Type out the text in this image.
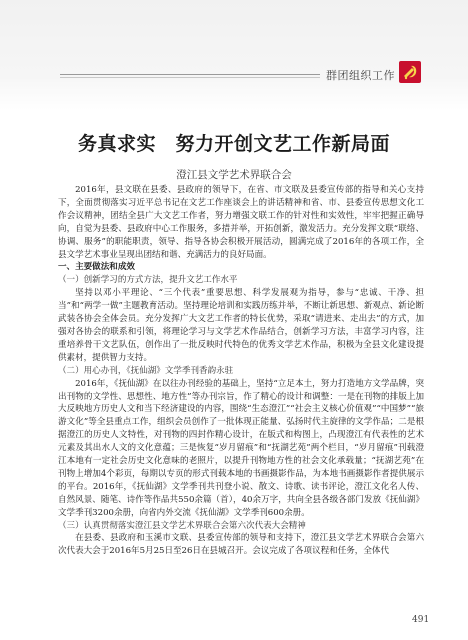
群团组织工作
务真求实　努力开创文艺工作新局面
澄江县文学艺术界联合会

2016年，县文联在县委、县政府的领导下，在省、市文联及县委宣传部的指导和关心支持下，全面贯彻落实习近平总书记在文艺工作座谈会上的讲话精神和省、市、县委宣传思想文化工作会议精神，团结全县广大文艺工作者，努力增强文联工作的针对性和实效性，牢牢把握正确导向，自觉为县委、县政府中心工作服务，多措并举，开拓创新，激发活力。充分发挥文联“联络、协调、服务”的职能职责，领导、指导各协会积极开展活动，圆满完成了2016年的各项工作，全县文学艺术事业呈现出团结和谐、充满活力的良好局面。

一、主要做法和成效

（一）创新学习的方式方法，提升文艺工作水平

坚持以邓小平理论、“三个代表”重要思想、科学发展观为指导，参与“忠诚、干净、担当”和“两学一做”主题教育活动。坚持理论培训和实践历练并举，不断让新思想、新观点、新论断武装各协会全体会员。充分发挥广大文艺工作者的特长优势，采取“请进来、走出去”的方式，加强对各协会的联系和引领，将理论学习与文学艺术作品结合，创新学习方法，丰富学习内容，注重培养骨干文艺队伍，创作出了一批反映时代特色的优秀文学艺术作品，积极为全县文化建设提供素材，提供智力支持。

（二）用心办刊，《抚仙湖》文学季刊香韵永驻

2016年，《抚仙湖》在以往办刊经验的基础上，坚持“立足本土，努力打造地方文学品牌，突出刊物的文学性、思想性、地方性”等办刊宗旨，作了精心的设计和调整：一是在刊物的排版上加大反映地方历史人文和当下经济建设的内容，围绕“生态澄江”“社会主义核心价值观”“中国梦”“旅游文化”等全县重点工作，组织会员创作了一批体现正能量、弘扬时代主旋律的文学作品；二是根据澄江的历史人文特性，对刊物的四封作精心设计，在版式和构图上，凸现澄江有代表性的艺术元素及其出水人文的文化意蕴；三是恢复“岁月留痕”和“抚湖艺苑”两个栏目，“岁月留痕”刊载澄江本地有一定社会历史文化意味的老照片，以提升刊物地方性的社会文化承载量；“抚湖艺苑”在刊物上增加4个彩页，每期以专页的形式刊载本地的书画摄影作品，为本地书画摄影作者提供展示的平台。2016年，《抚仙湖》文学季刊共刊登小说、散文、诗歌、读书评论，澄江文化名人传、自然风景、随笔、诗作等作品共550余篇（首），40余万字，共向全县各级各部门发放《抚仙湖》文学季刊3200余册，向省内外交流《抚仙湖》文学季刊600余册。

（三）认真贯彻落实澄江县文学艺术界联合会第六次代表大会精神

在县委、县政府和玉溪市文联、县委宣传部的领导和支持下，澄江县文学艺术界联合会第六次代表大会于2016年5月25日至26日在县城召开。会议完成了各项议程和任务，全体代

491
